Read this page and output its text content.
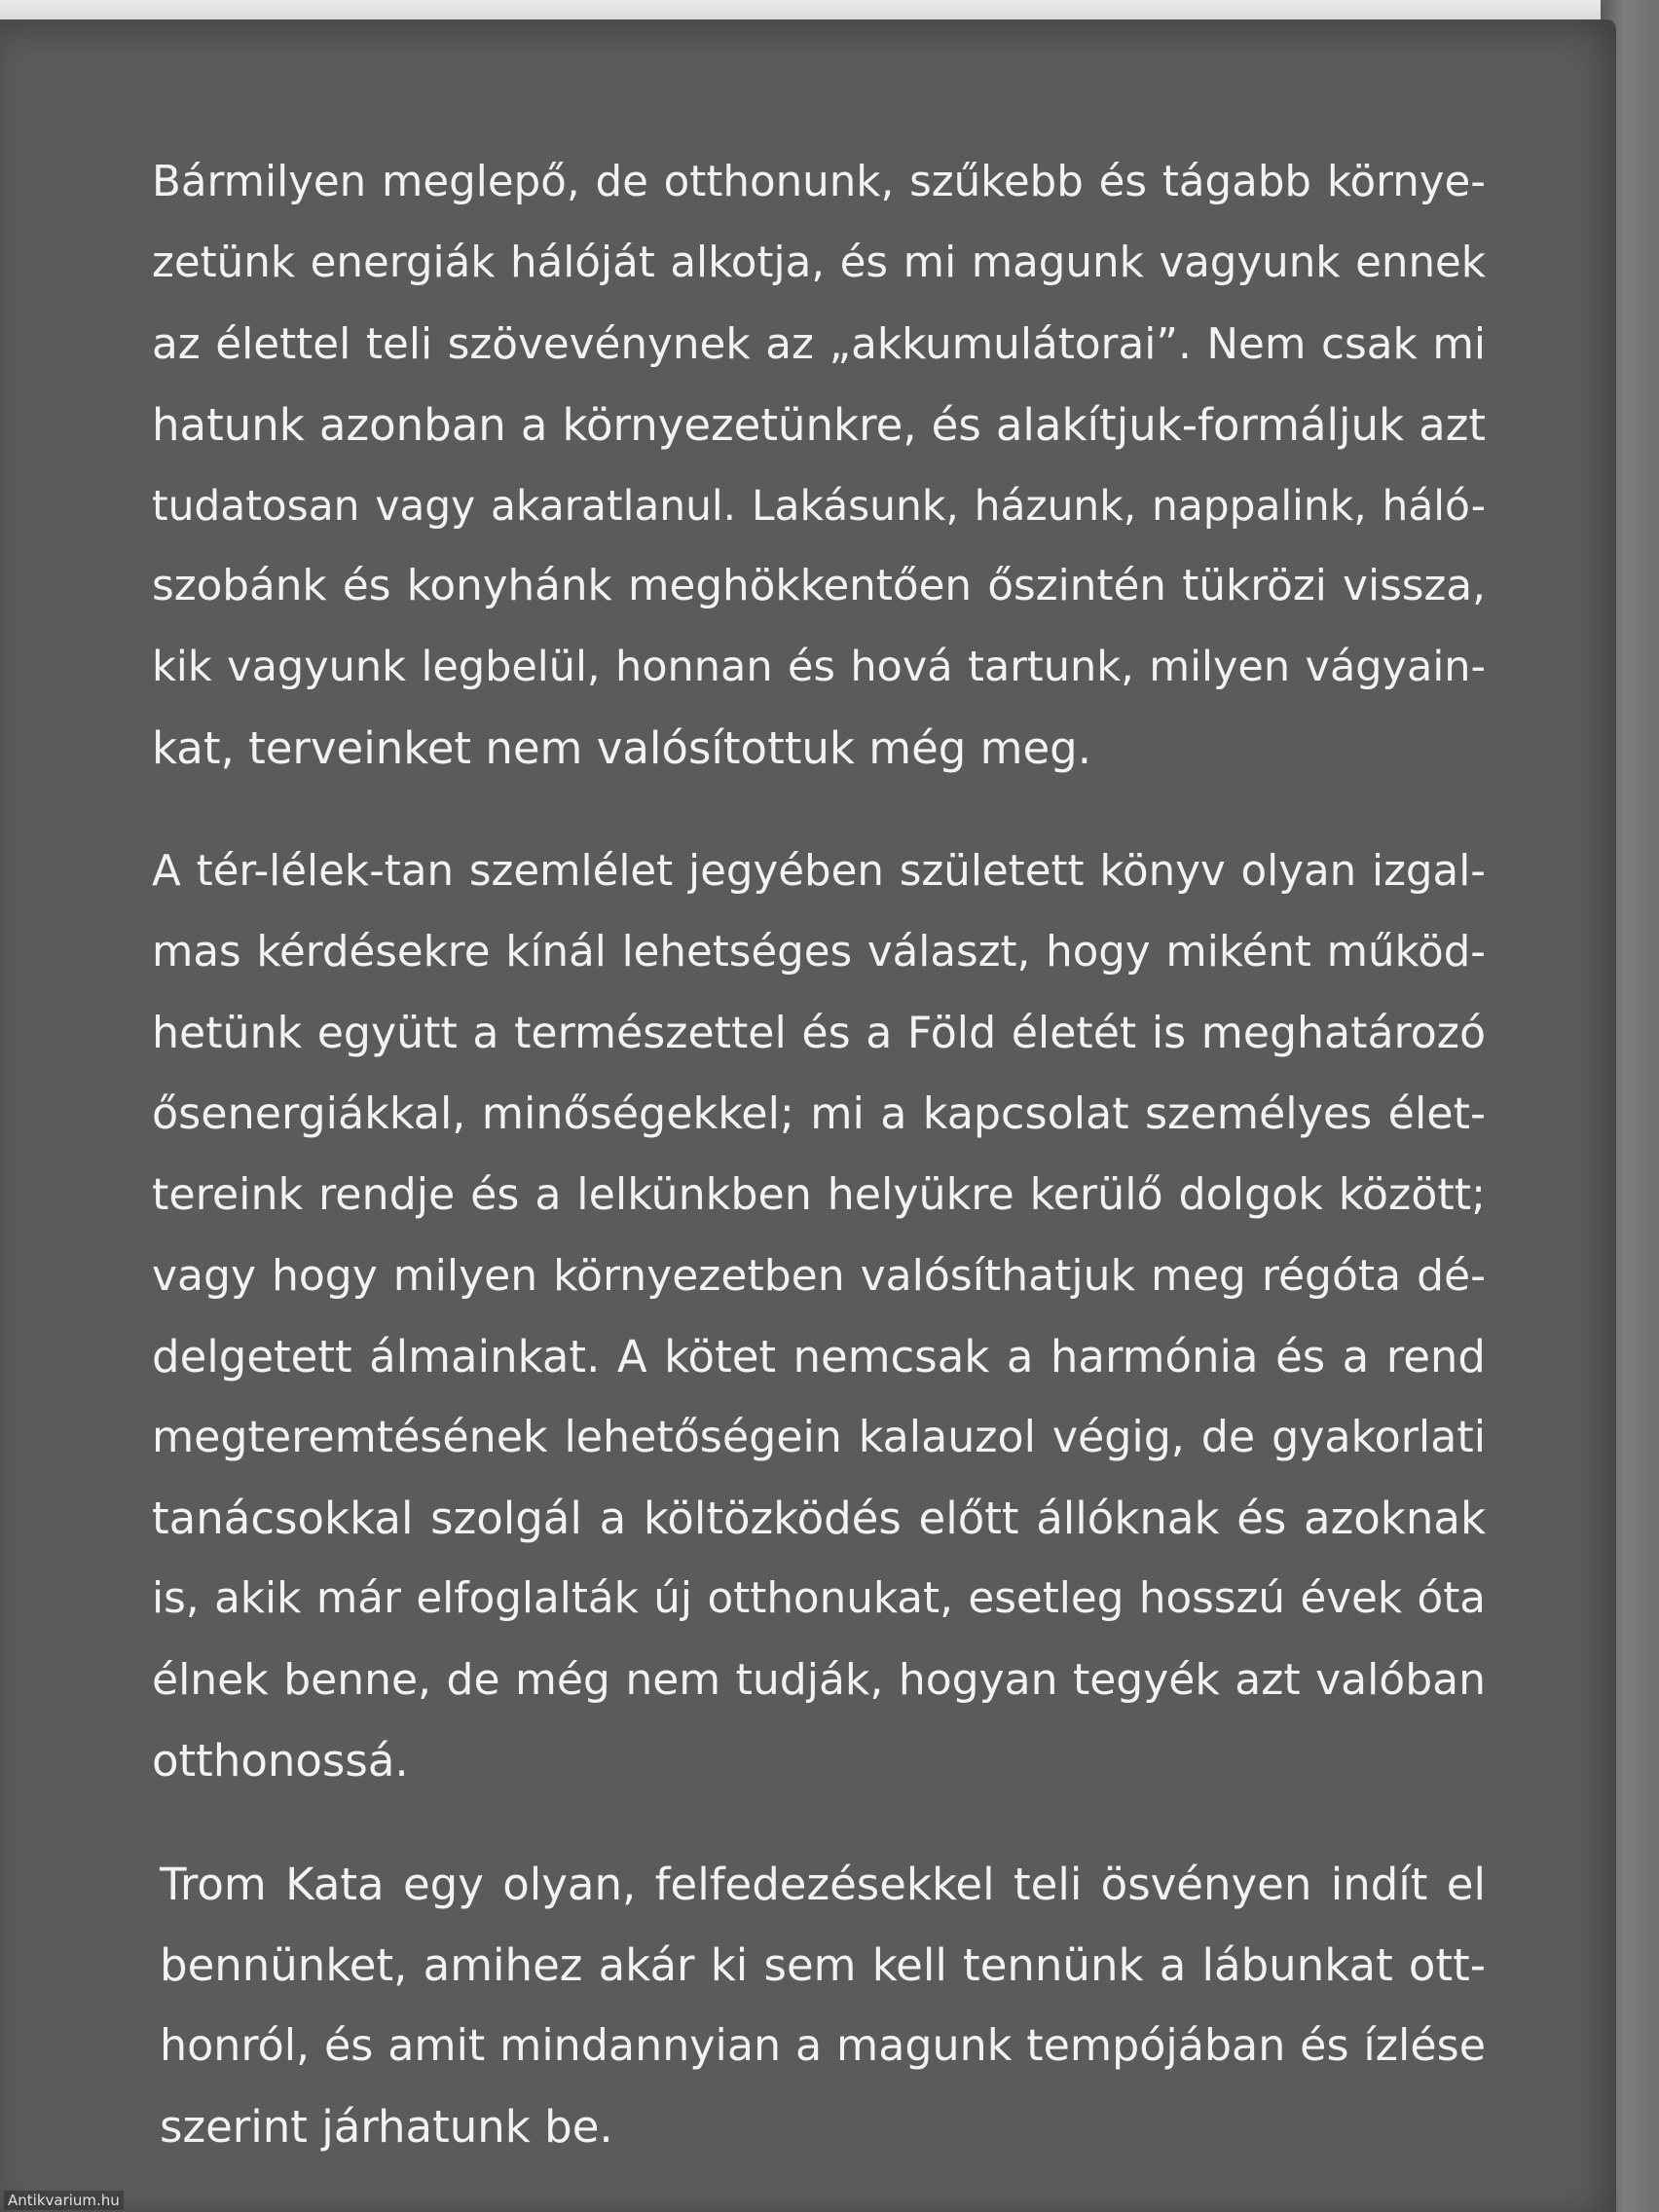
Bármilyen meglepő, de otthonunk, szűkebb és tágabb környe-
zetünk energiák hálóját alkotja, és mi magunk vagyunk ennek
az élettel teli szövevénynek az „akkumulátorai”. Nem csak mi
hatunk azonban a környezetünkre, és alakítjuk-formáljuk azt
tudatosan vagy akaratlanul. Lakásunk, házunk, nappalink, háló-
szobánk és konyhánk meghökkentően őszintén tükrözi vissza,
kik vagyunk legbelül, honnan és hová tartunk, milyen vágyain-
kat, terveinket nem valósítottuk még meg.

A tér-lélek-tan szemlélet jegyében született könyv olyan izgal-
mas kérdésekre kínál lehetséges választ, hogy miként működ-
hetünk együtt a természettel és a Föld életét is meghatározó
ősenergiákkal, minőségekkel; mi a kapcsolat személyes élet-
tereink rendje és a lelkünkben helyükre kerülő dolgok között;
vagy hogy milyen környezetben valósíthatjuk meg régóta dé-
delgetett álmainkat. A kötet nemcsak a harmónia és a rend
megteremtésének lehetőségein kalauzol végig, de gyakorlati
tanácsokkal szolgál a költözködés előtt állóknak és azoknak
is, akik már elfoglalták új otthonukat, esetleg hosszú évek óta
élnek benne, de még nem tudják, hogyan tegyék azt valóban
otthonossá.

Trom Kata egy olyan, felfedezésekkel teli ösvényen indít el
bennünket, amihez akár ki sem kell tennünk a lábunkat ott-
honról, és amit mindannyian a magunk tempójában és ízlése
szerint járhatunk be.

Antikvarium.hu
